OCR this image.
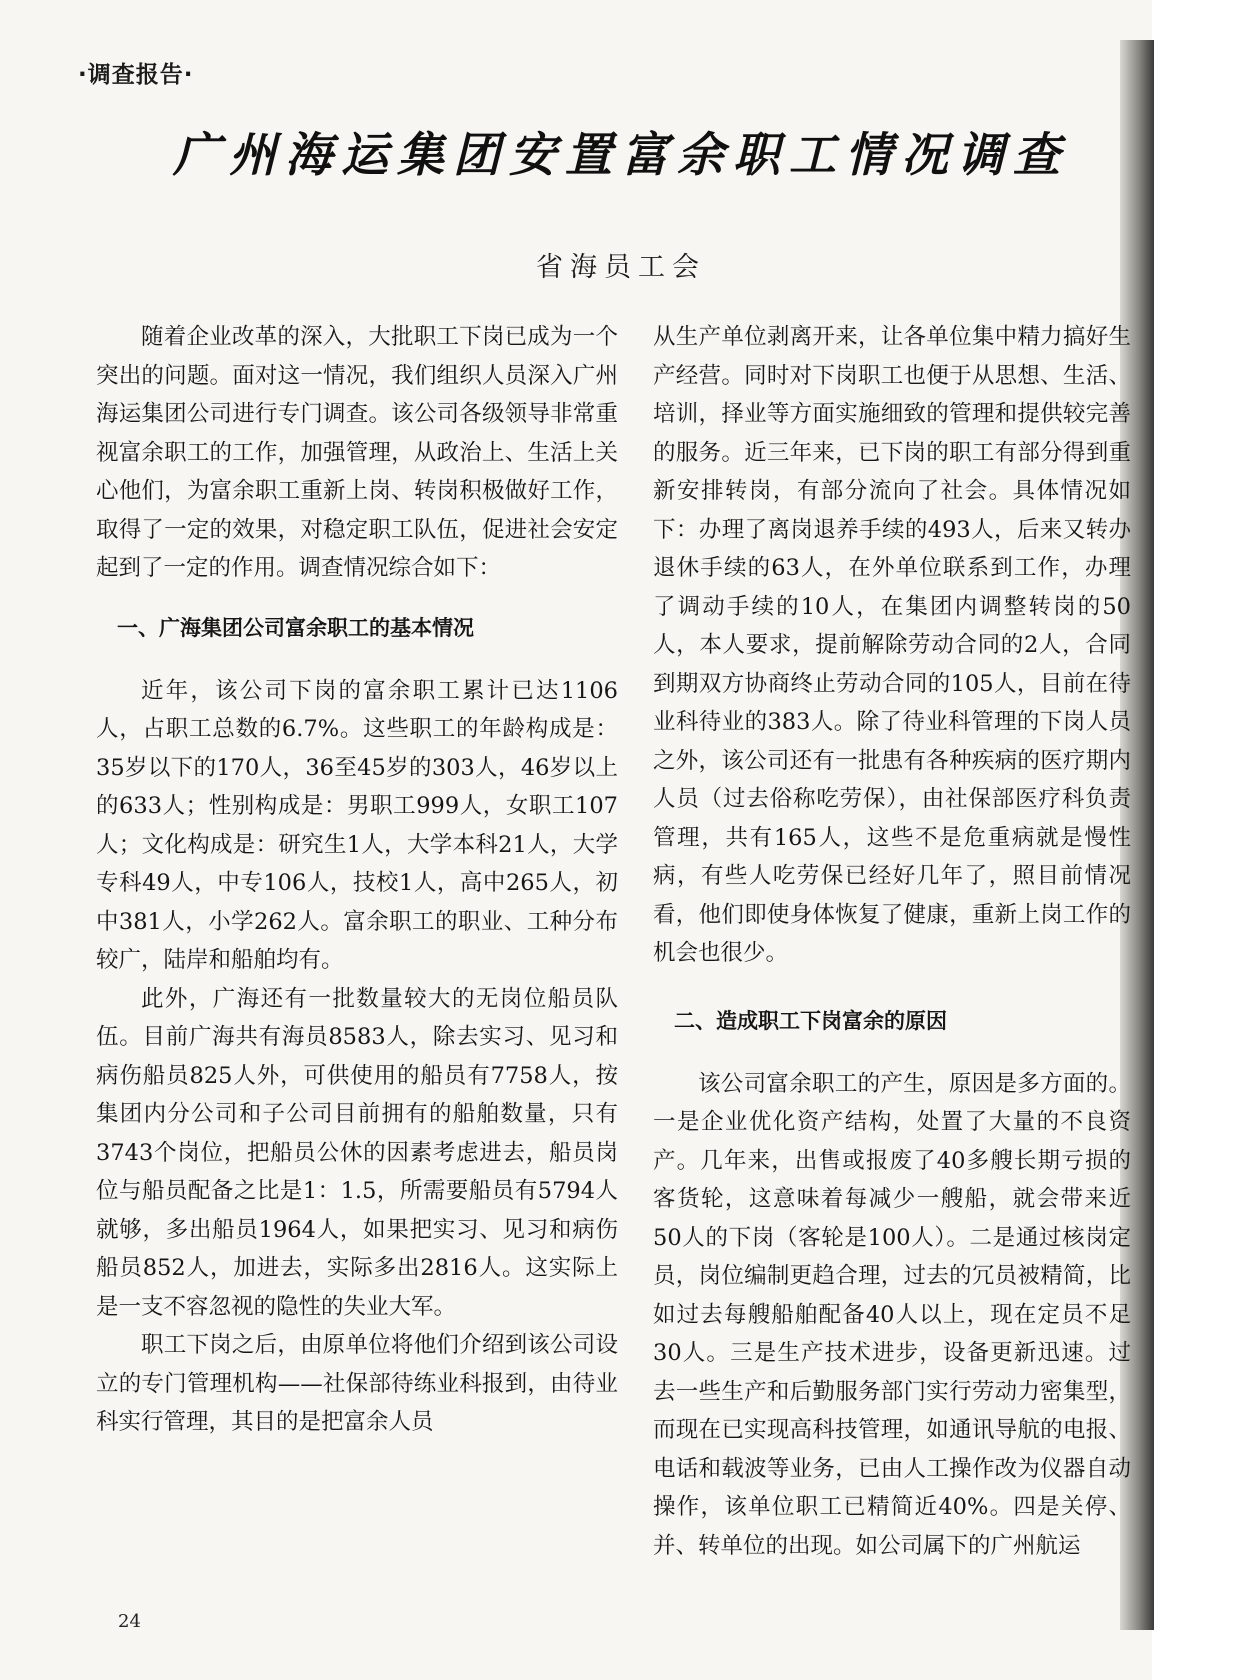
·调查报告·
广州海运集团安置富余职工情况调查
省海员工会

随着企业改革的深入，大批职工下岗已成为一个突出的问题。面对这一情况，我们组织人员深入广州海运集团公司进行专门调查。该公司各级领导非常重视富余职工的工作，加强管理，从政治上、生活上关心他们，为富余职工重新上岗、转岗积极做好工作，取得了一定的效果，对稳定职工队伍，促进社会安定起到了一定的作用。调查情况综合如下：

一、广海集团公司富余职工的基本情况

近年，该公司下岗的富余职工累计已达1106人，占职工总数的6.7%。这些职工的年龄构成是：35岁以下的170人，36至45岁的303人，46岁以上的633人；性别构成是：男职工999人，女职工107人；文化构成是：研究生1人，大学本科21人，大学专科49人，中专106人，技校1人，高中265人，初中381人，小学262人。富余职工的职业、工种分布较广，陆岸和船舶均有。

此外，广海还有一批数量较大的无岗位船员队伍。目前广海共有海员8583人，除去实习、见习和病伤船员825人外，可供使用的船员有7758人，按集团内分公司和子公司目前拥有的船舶数量，只有3743个岗位，把船员公休的因素考虑进去，船员岗位与船员配备之比是1：1.5，所需要船员有5794人就够，多出船员1964人，如果把实习、见习和病伤船员852人，加进去，实际多出2816人。这实际上是一支不容忽视的隐性的失业大军。

职工下岗之后，由原单位将他们介绍到该公司设立的专门管理机构——社保部待练业科报到，由待业科实行管理，其目的是把富余人员

从生产单位剥离开来，让各单位集中精力搞好生产经营。同时对下岗职工也便于从思想、生活、培训，择业等方面实施细致的管理和提供较完善的服务。近三年来，已下岗的职工有部分得到重新安排转岗，有部分流向了社会。具体情况如下：办理了离岗退养手续的493人，后来又转办退休手续的63人，在外单位联系到工作，办理了调动手续的10人，在集团内调整转岗的50人，本人要求，提前解除劳动合同的2人，合同到期双方协商终止劳动合同的105人，目前在待业科待业的383人。除了待业科管理的下岗人员之外，该公司还有一批患有各种疾病的医疗期内人员（过去俗称吃劳保），由社保部医疗科负责管理，共有165人，这些不是危重病就是慢性病，有些人吃劳保已经好几年了，照目前情况看，他们即使身体恢复了健康，重新上岗工作的机会也很少。

二、造成职工下岗富余的原因

该公司富余职工的产生，原因是多方面的。一是企业优化资产结构，处置了大量的不良资产。几年来，出售或报废了40多艘长期亏损的客货轮，这意味着每减少一艘船，就会带来近50人的下岗（客轮是100人）。二是通过核岗定员，岗位编制更趋合理，过去的冗员被精简，比如过去每艘船舶配备40人以上，现在定员不足30人。三是生产技术进步，设备更新迅速。过去一些生产和后勤服务部门实行劳动力密集型，而现在已实现高科技管理，如通讯导航的电报、电话和载波等业务，已由人工操作改为仪器自动操作，该单位职工已精简近40%。四是关停、并、转单位的出现。如公司属下的广州航运

24
